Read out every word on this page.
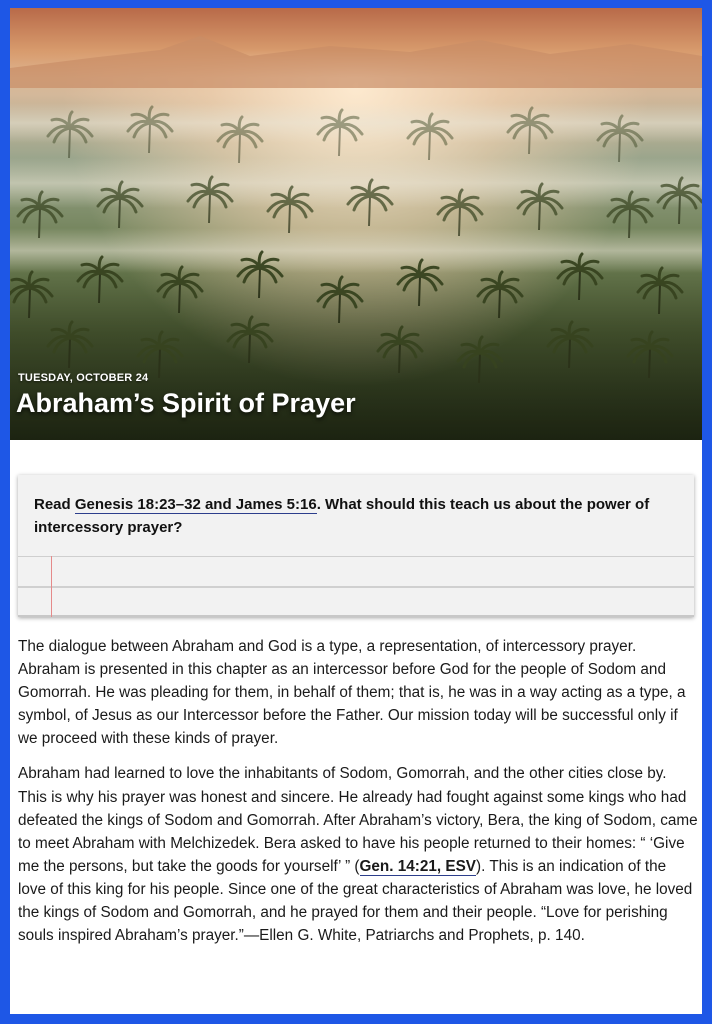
TUESDAY, OCTOBER 24
Abraham’s Spirit of Prayer
Read Genesis 18:23–32 and James 5:16. What should this teach us about the power of intercessory prayer?

The dialogue between Abraham and God is a type, a representation, of intercessory prayer. Abraham is presented in this chapter as an intercessor before God for the people of Sodom and Gomorrah. He was pleading for them, in behalf of them; that is, he was in a way acting as a type, a symbol, of Jesus as our Intercessor before the Father. Our mission today will be successful only if we proceed with these kinds of prayer.

Abraham had learned to love the inhabitants of Sodom, Gomorrah, and the other cities close by. This is why his prayer was honest and sincere. He already had fought against some kings who had defeated the kings of Sodom and Gomorrah. After Abraham’s victory, Bera, the king of Sodom, came to meet Abraham with Melchizedek. Bera asked to have his people returned to their homes: “ ‘Give me the persons, but take the goods for yourself’ ” (Gen. 14:21, ESV). This is an indication of the love of this king for his people. Since one of the great characteristics of Abraham was love, he loved the kings of Sodom and Gomorrah, and he prayed for them and their people. “Love for perishing souls inspired Abraham’s prayer.”—Ellen G. White, Patriarchs and Prophets, p. 140.
